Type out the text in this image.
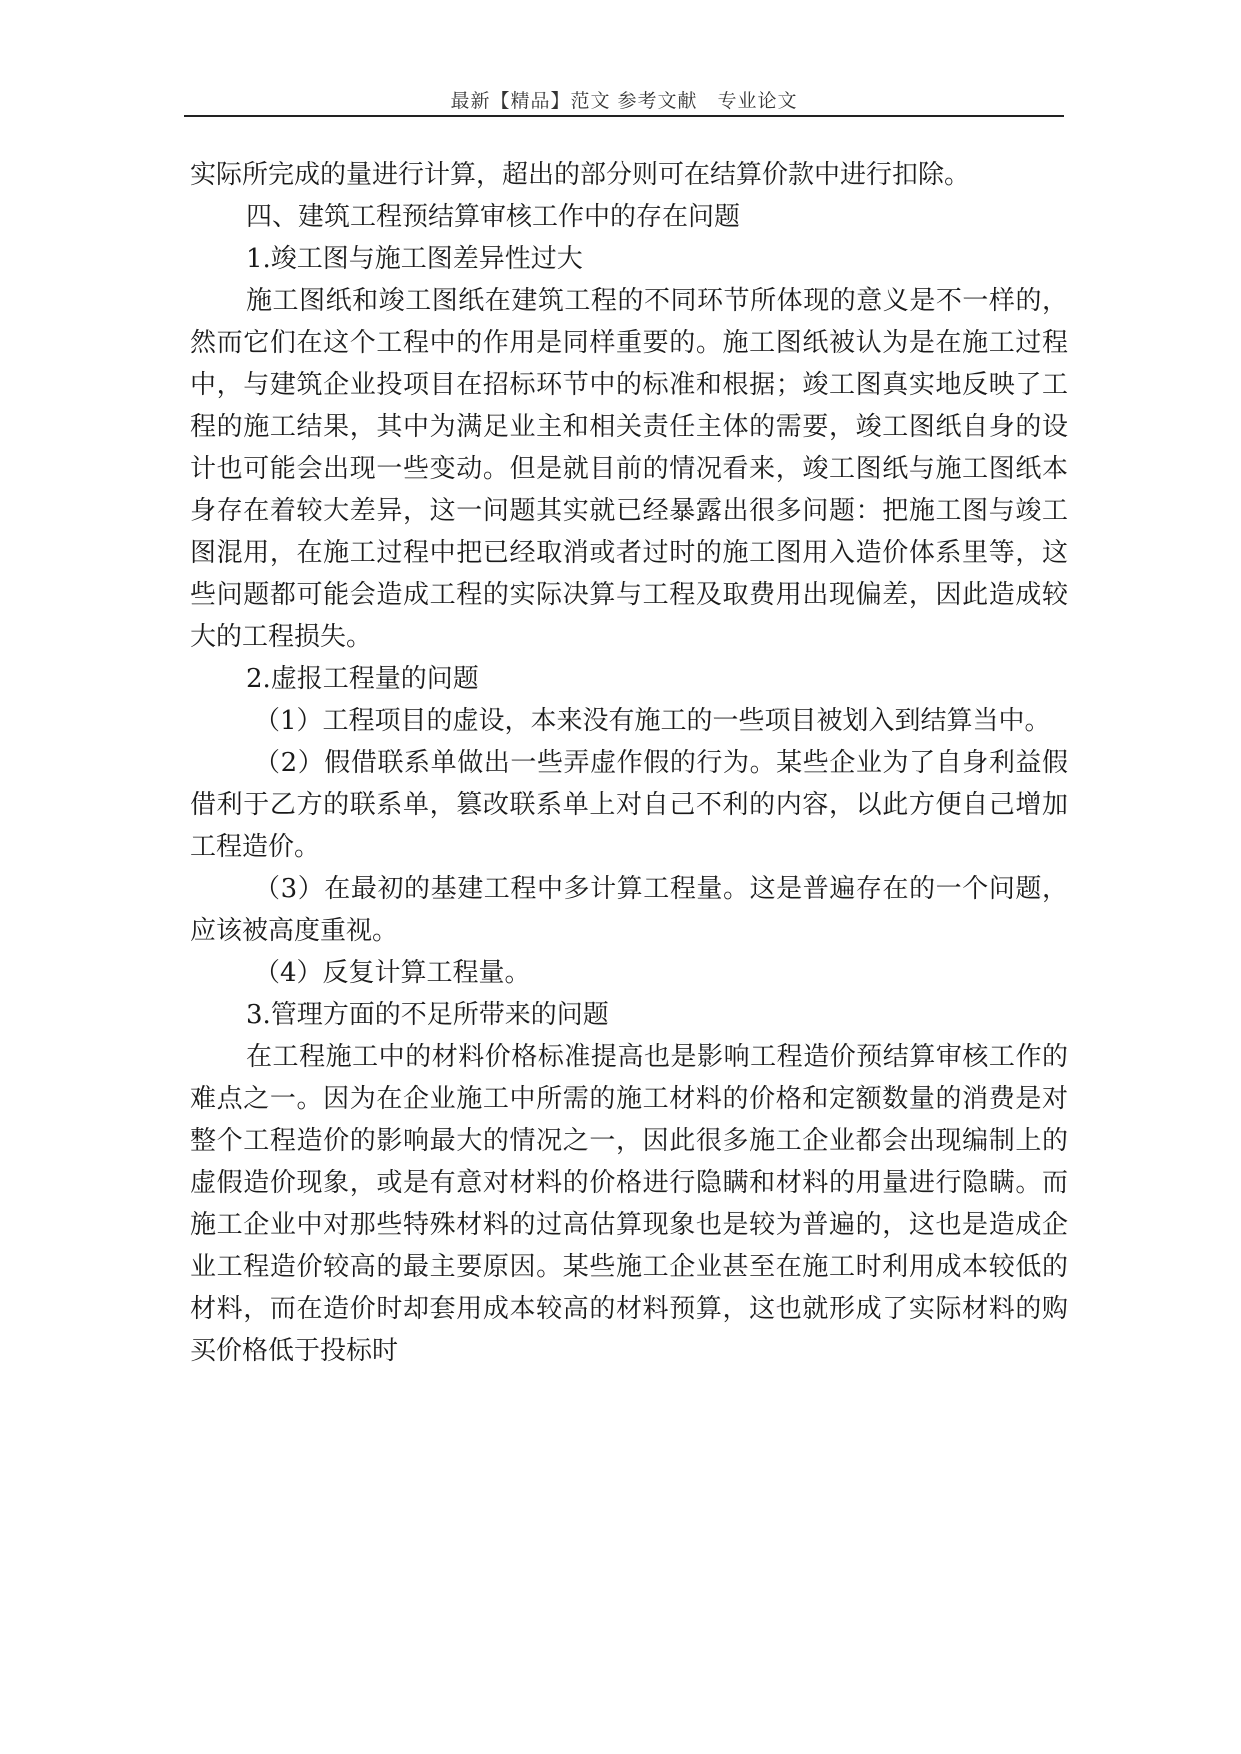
最新【精品】范文 参考文献　专业论文

实际所完成的量进行计算，超出的部分则可在结算价款中进行扣除。

四、建筑工程预结算审核工作中的存在问题

1.竣工图与施工图差异性过大

施工图纸和竣工图纸在建筑工程的不同环节所体现的意义是不一样的，然而它们在这个工程中的作用是同样重要的。施工图纸被认为是在施工过程中，与建筑企业投项目在招标环节中的标准和根据；竣工图真实地反映了工程的施工结果，其中为满足业主和相关责任主体的需要，竣工图纸自身的设计也可能会出现一些变动。但是就目前的情况看来，竣工图纸与施工图纸本身存在着较大差异，这一问题其实就已经暴露出很多问题：把施工图与竣工图混用，在施工过程中把已经取消或者过时的施工图用入造价体系里等，这些问题都可能会造成工程的实际决算与工程及取费用出现偏差，因此造成较大的工程损失。

2.虚报工程量的问题

（1）工程项目的虚设，本来没有施工的一些项目被划入到结算当中。

（2）假借联系单做出一些弄虚作假的行为。某些企业为了自身利益假借利于乙方的联系单，篡改联系单上对自己不利的内容，以此方便自己增加工程造价。

（3）在最初的基建工程中多计算工程量。这是普遍存在的一个问题，应该被高度重视。

（4）反复计算工程量。

3.管理方面的不足所带来的问题

在工程施工中的材料价格标准提高也是影响工程造价预结算审核工作的难点之一。因为在企业施工中所需的施工材料的价格和定额数量的消费是对整个工程造价的影响最大的情况之一，因此很多施工企业都会出现编制上的虚假造价现象，或是有意对材料的价格进行隐瞒和材料的用量进行隐瞒。而施工企业中对那些特殊材料的过高估算现象也是较为普遍的，这也是造成企业工程造价较高的最主要原因。某些施工企业甚至在施工时利用成本较低的材料，而在造价时却套用成本较高的材料预算，这也就形成了实际材料的购买价格低于投标时
